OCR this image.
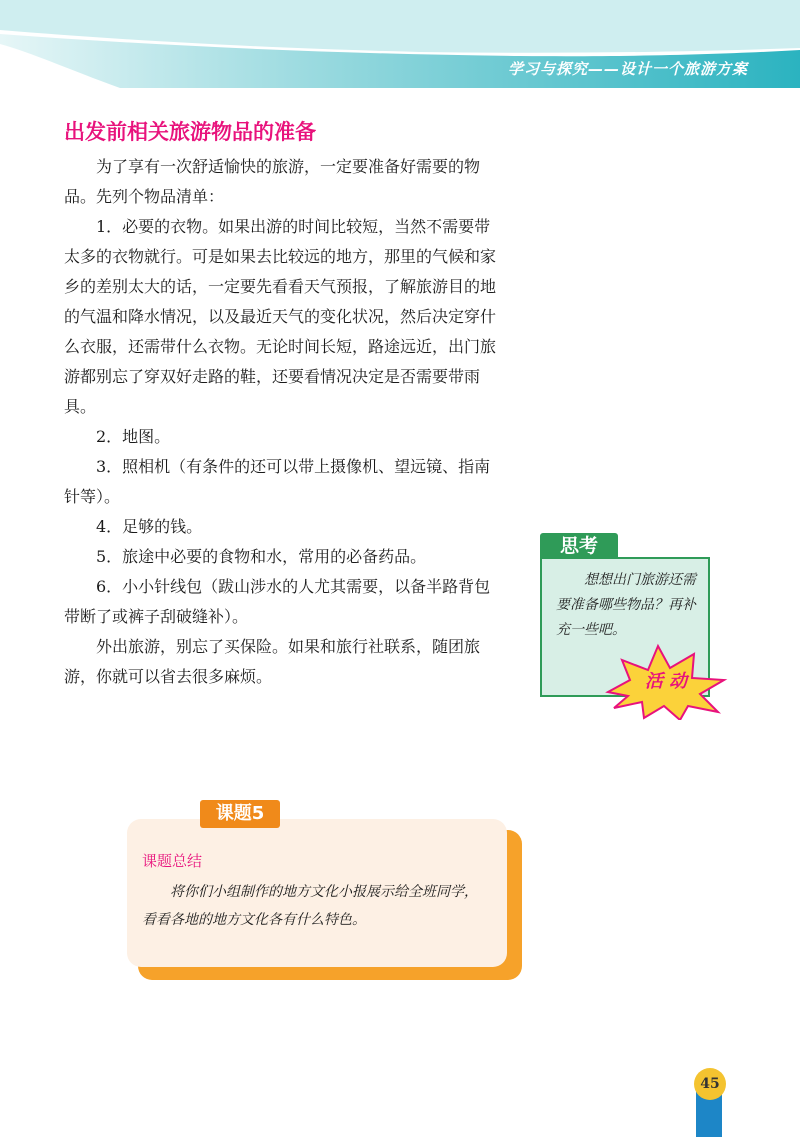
学习与探究——设计一个旅游方案
出发前相关旅游物品的准备

为了享有一次舒适愉快的旅游，一定要准备好需要的物品。先列个物品清单：

1．必要的衣物。如果出游的时间比较短，当然不需要带太多的衣物就行。可是如果去比较远的地方，那里的气候和家乡的差别太大的话，一定要先看看天气预报，了解旅游目的地的气温和降水情况，以及最近天气的变化状况，然后决定穿什么衣服，还需带什么衣物。无论时间长短，路途远近，出门旅游都别忘了穿双好走路的鞋，还要看情况决定是否需要带雨具。

2．地图。

3．照相机（有条件的还可以带上摄像机、望远镜、指南针等）。

4．足够的钱。

5．旅途中必要的食物和水，常用的必备药品。

6．小小针线包（跋山涉水的人尤其需要，以备半路背包带断了或裤子刮破缝补）。

外出旅游，别忘了买保险。如果和旅行社联系，随团旅游，你就可以省去很多麻烦。

思考

想想出门旅游还需要准备哪些物品？再补充一些吧。

活动
课题5
课题总结

将你们小组制作的地方文化小报展示给全班同学，看看各地的地方文化各有什么特色。

45
